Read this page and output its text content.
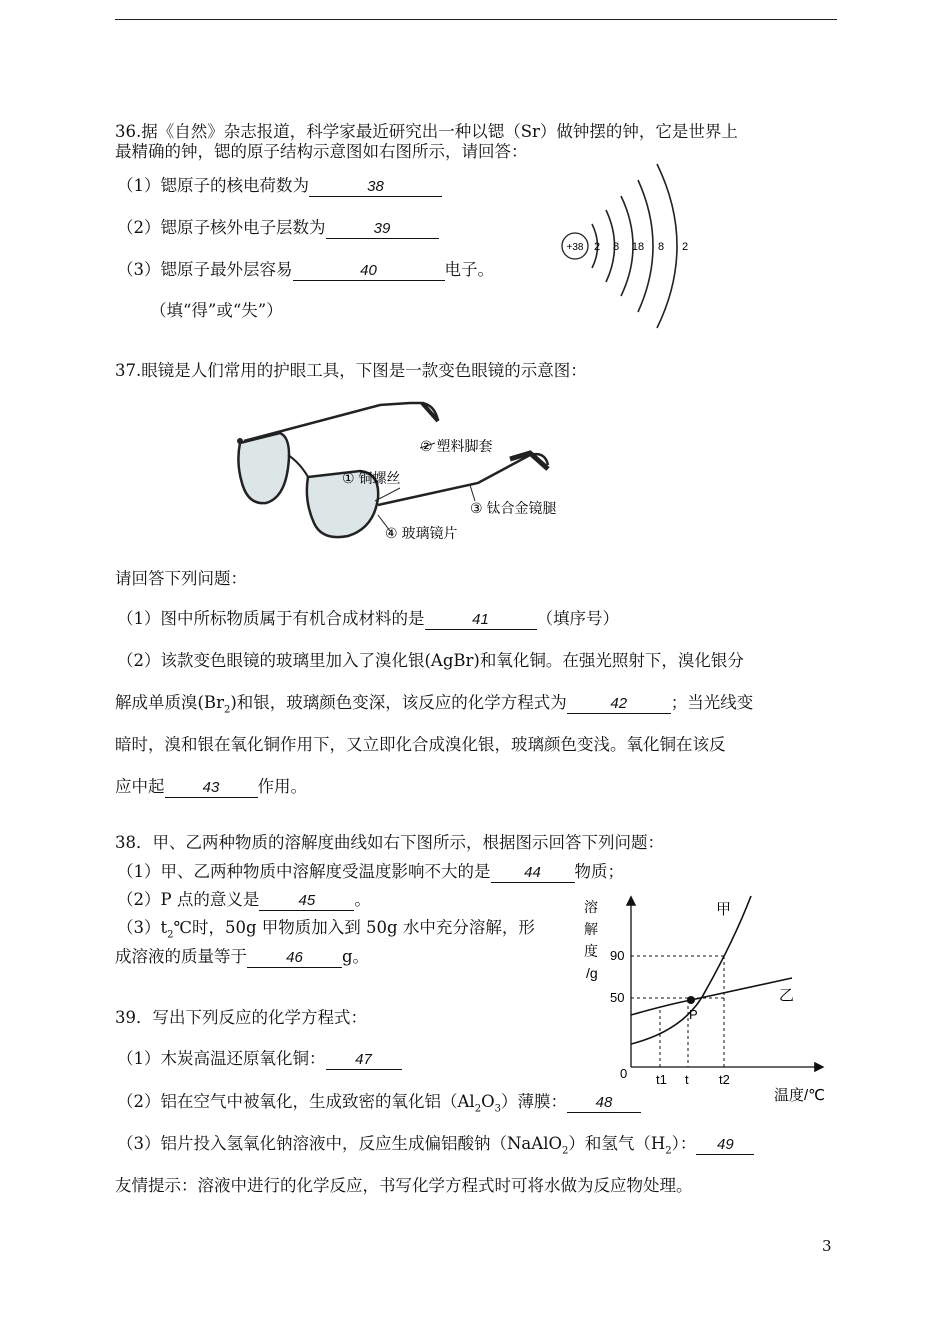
36.据《自然》杂志报道，科学家最近研究出一种以锶（Sr）做钟摆的钟，它是世界上
最精确的钟，锶的原子结构示意图如右图所示，请回答：
（1）锶原子的核电荷数为	38
（2）锶原子核外电子层数为	39
（3）锶原子最外层容易	40	电子。
（填“得”或“失”）
+38 2 8 18 8 2
37.眼镜是人们常用的护眼工具，下图是一款变色眼镜的示意图：
② 塑料脚套
① 铜螺丝
③ 钛合金镜腿
④ 玻璃镜片
请回答下列问题：
（1）图中所标物质属于有机合成材料的是	41	（填序号）
（2）该款变色眼镜的玻璃里加入了溴化银(AgBr)和氧化铜。在强光照射下，溴化银分
解成单质溴$(Br_2)$和银，玻璃颜色变深，该反应的化学方程式为	42	；当光线变
暗时，溴和银在氧化铜作用下，又立即化合成溴化银，玻璃颜色变浅。氧化铜在该反
应中起	43 作用。
38．甲、乙两种物质的溶解度曲线如右下图所示，根据图示回答下列问题：
（1）甲、乙两种物质中溶解度受温度影响不大的是 44 物质；
（2）P 点的意义是	45 。
$(3)t_2℃$时，50g 甲物质加入到 50g 水中充分溶解，形
成溶液的质量等于	46 g。
溶
解
度
/g
90
50
0 t1 t t2
温度/℃
P
甲
乙
39．写出下列反应的化学方程式：
（1）木炭高温还原氧化铜： 47
（2）铝在空气中被氧化，生成致密的氧化铝$(Al_2O_3)$薄膜： 48
（3）铝片投入氢氧化钠溶液中，反应生成偏铝酸钠（NaAlO$_2$）和氢气$(H_2)$： 49
友情提示：溶液中进行的化学反应，书写化学方程式时可将水做为反应物处理。
3
